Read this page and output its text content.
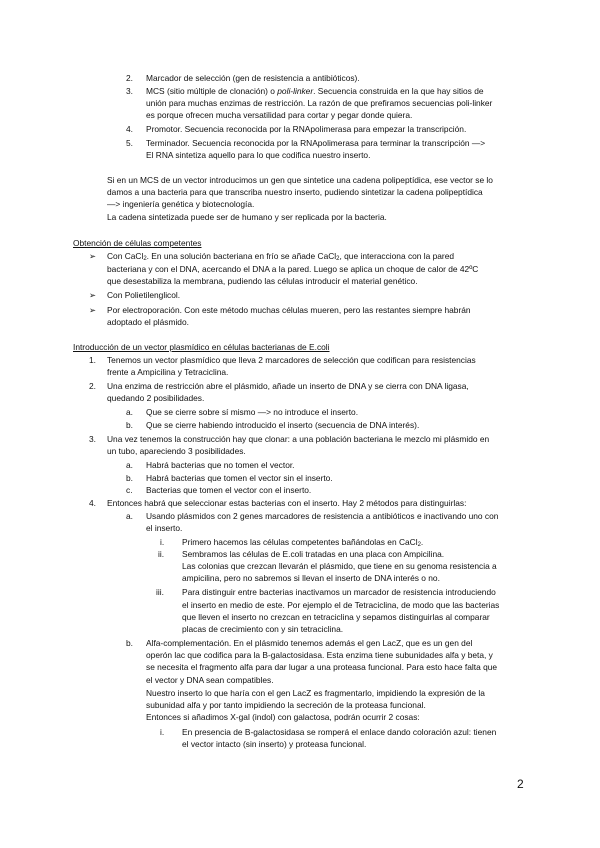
2. Marcador de selección (gen de resistencia a antibióticos).
3. MCS (sitio múltiple de clonación) o poli-linker. Secuencia construida en la que hay sitios de
unión para muchas enzimas de restricción. La razón de que prefiramos secuencias poli-linker
es porque ofrecen mucha versatilidad para cortar y pegar donde quiera.
4. Promotor. Secuencia reconocida por la RNApolimerasa para empezar la transcripción.
5. Terminador. Secuencia reconocida por la RNApolimerasa para terminar la transcripción —>
El RNA sintetiza aquello para lo que codifica nuestro inserto.
Si en un MCS de un vector introducimos un gen que sintetice una cadena polipeptídica, ese vector se lo
damos a una bacteria para que transcriba nuestro inserto, pudiendo sintetizar la cadena polipeptídica
—> ingeniería genética y biotecnología.
La cadena sintetizada puede ser de humano y ser replicada por la bacteria.
Obtención de células competentes
➢ Con CaCl$_2$. En una solución bacteriana en frío se añade CaCl$_2$, que interacciona con la pared
bacteriana y con el DNA, acercando el DNA a la pared. Luego se aplica un choque de calor de 42ºC
que desestabiliza la membrana, pudiendo las células introducir el material genético.
➢ Con Polietilenglicol.
➢ Por electroporación. Con este método muchas células mueren, pero las restantes siempre habrán
adoptado el plásmido.
Introducción de un vector plasmídico en células bacterianas de E.coli
1. Tenemos un vector plasmídico que lleva 2 marcadores de selección que codifican para resistencias
frente a Ampicilina y Tetraciclina.
2. Una enzima de restricción abre el plásmido, añade un inserto de DNA y se cierra con DNA ligasa,
quedando 2 posibilidades.
a. Que se cierre sobre sí mismo —> no introduce el inserto.
b. Que se cierre habiendo introducido el inserto (secuencia de DNA interés).
3. Una vez tenemos la construcción hay que clonar: a una población bacteriana le mezclo mi plásmido en
un tubo, apareciendo 3 posibilidades.
a. Habrá bacterias que no tomen el vector.
b. Habrá bacterias que tomen el vector sin el inserto.
c. Bacterias que tomen el vector con el inserto.
4. Entonces habrá que seleccionar estas bacterias con el inserto. Hay 2 métodos para distinguirlas:
a. Usando plásmidos con 2 genes marcadores de resistencia a antibióticos e inactivando uno con
el inserto.
i. Primero hacemos las células competentes bañándolas en CaCl$_2$.
ii. Sembramos las células de E.coli tratadas en una placa con Ampicilina.
Las colonias que crezcan llevarán el plásmido, que tiene en su genoma resistencia a
ampicilina, pero no sabremos si llevan el inserto de DNA interés o no.
iii. Para distinguir entre bacterias inactivamos un marcador de resistencia introduciendo
el inserto en medio de este. Por ejemplo el de Tetraciclina, de modo que las bacterias
que lleven el inserto no crezcan en tetraciclina y sepamos distinguirlas al comparar
placas de crecimiento con y sin tetraciclina.
b. Alfa-complementación. En el plásmido tenemos además el gen LacZ, que es un gen del
operón lac que codifica para la B-galactosidasa. Esta enzima tiene subunidades alfa y beta, y
se necesita el fragmento alfa para dar lugar a una proteasa funcional. Para esto hace falta que
el vector y DNA sean compatibles.
Nuestro inserto lo que haría con el gen LacZ es fragmentarlo, impidiendo la expresión de la
subunidad alfa y por tanto impidiendo la secreción de la proteasa funcional.
Entonces si añadimos X-gal (indol) con galactosa, podrán ocurrir 2 cosas:
i. En presencia de B-galactosidasa se romperá el enlace dando coloración azul: tienen
el vector intacto (sin inserto) y proteasa funcional.
2
